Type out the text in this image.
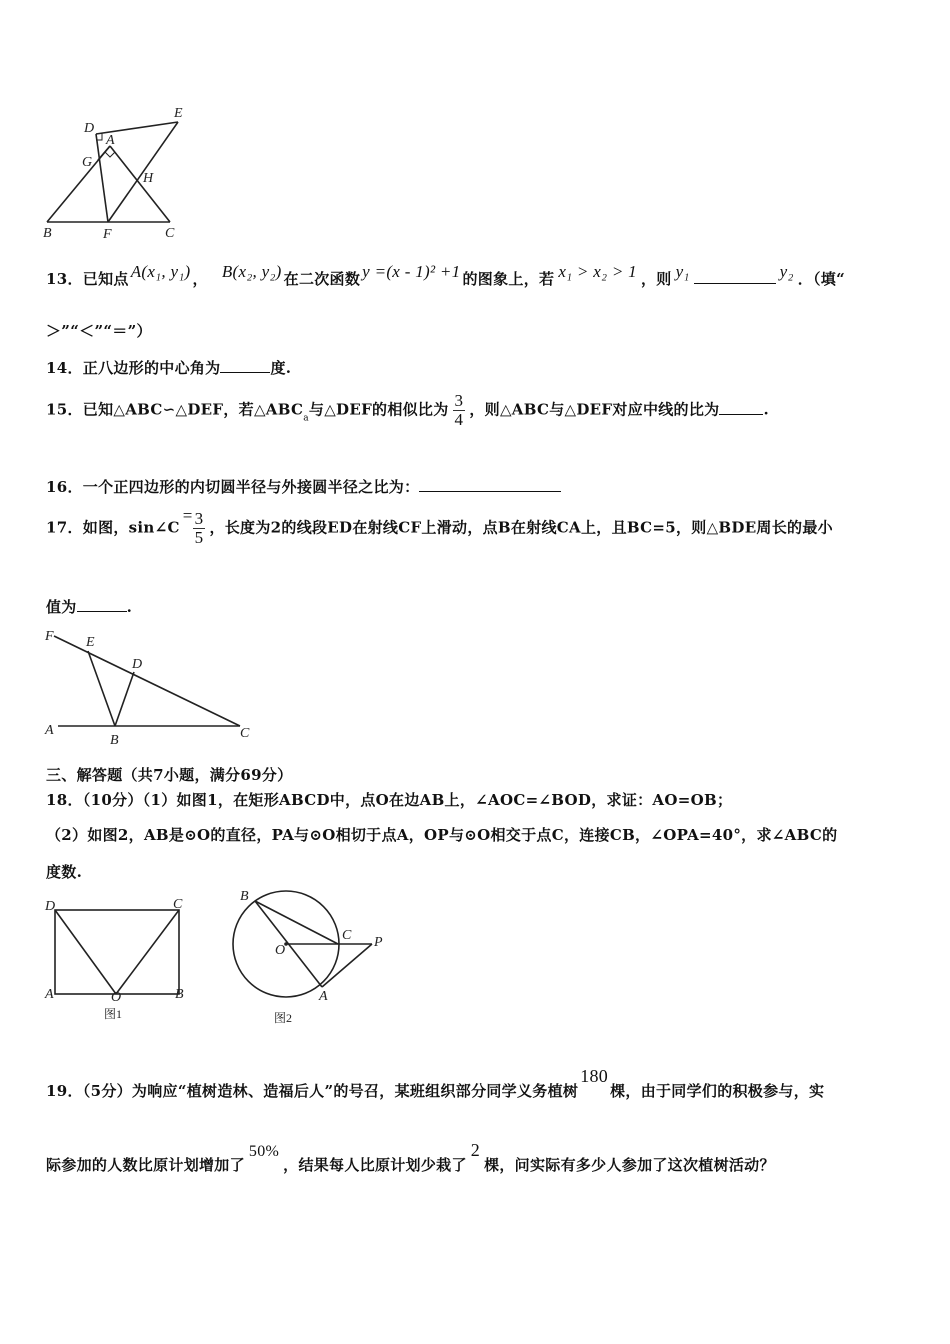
D
E
A
G
H
B	F	C
13．已知点 A(x₁, y₁) ， B(x₂, y₂) 在二次函数 y =(x - 1)² +1 的图象上，若 x₁ > x₂ > 1 ，则 y₁	y₂ ．（填“
＞”“＜”“＝”）
14．正八边形的中心角为	度.
15．已知△ABC∽△DEF，若$\triangle ABC_a$与△DEF的相似比为 $\frac{3}{4}$ ，则△ABC与△DEF对应中线的比为	.
16．一个正四边形的内切圆半径与外接圆半径之比为：
17．如图，sin∠C= $\frac{3}{5}$ ，长度为2的线段ED在射线CF上滑动，点B在射线CA上，且BC=5，则△BDE周长的最小
值为	.
F E
D
A
B	C
三、解答题（共7小题，满分69分）
18．（10分）（1）如图1，在矩形ABCD中，点O在边AB上，∠AOC=∠BOD，求证：AO=OB；
（2）如图2，AB是⊙O的直径，PA与⊙O相切于点A，OP与⊙O相交于点C，连接CB，∠OPA=40°，求∠ABC的
度数.
D	C
A	O	B
图1
B
O
C P
A
图2
19．（5分）为响应“植树造林、造福后人”的号召，某班组织部分同学义务植树180棵，由于同学们的积极参与，实
际参加的人数比原计划增加了50%，结果每人比原计划少栽了2棵，问实际有多少人参加了这次植树活动？
